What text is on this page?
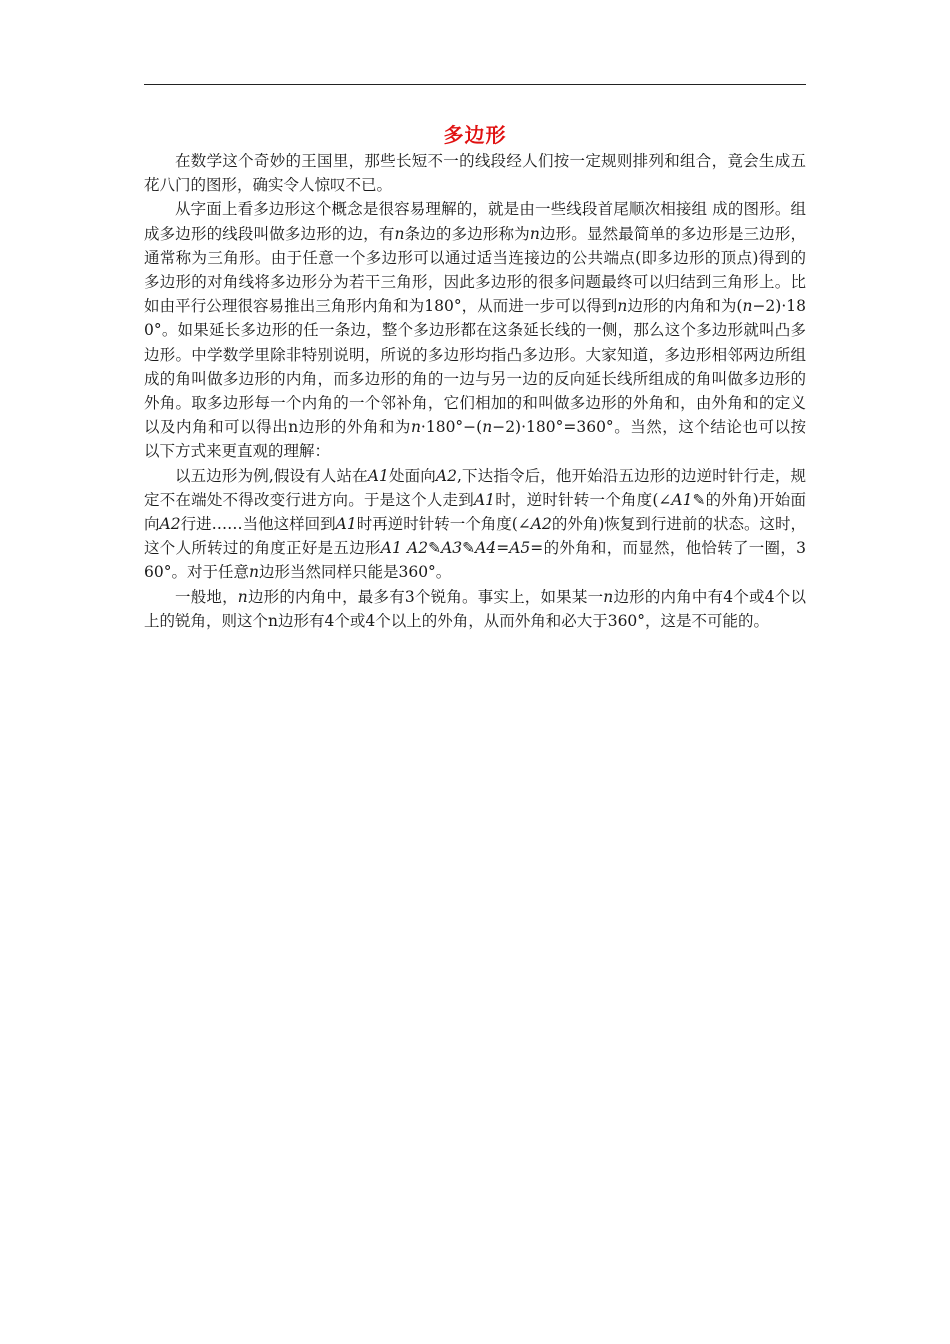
多边形

在数学这个奇妙的王国里，那些长短不一的线段经人们按一定规则排列和组合，竟会生成五花八门的图形，确实令人惊叹不已。

从字面上看多边形这个概念是很容易理解的，就是由一些线段首尾顺次相接组 成的图形。组成多边形的线段叫做多边形的边，有n条边的多边形称为n边形。显然最简单的多边形是三边形，通常称为三角形。由于任意一个多边形可以通过适当连接边的公共端点(即多边形的顶点)得到的多边形的对角线将多边形分为若干三角形，因此多边形的很多问题最终可以归结到三角形上。比如由平行公理很容易推出三角形内角和为180°，从而进一步可以得到n边形的内角和为(n−2)·180°。如果延长多边形的任一条边，整个多边形都在这条延长线的一侧，那么这个多边形就叫凸多边形。中学数学里除非特别说明，所说的多边形均指凸多边形。大家知道，多边形相邻两边所组成的角叫做多边形的内角，而多边形的角的一边与另一边的反向延长线所组成的角叫做多边形的外角。取多边形每一个内角的一个邻补角，它们相加的和叫做多边形的外角和，由外角和的定义以及内角和可以得出n边形的外角和为n·180°−(n−2)·180°=360°。当然，这个结论也可以按以下方式来更直观的理解：

以五边形为例,假设有人站在A1处面向A2,下达指令后，他开始沿五边形的边逆时针行走，规定不在端处不得改变行进方向。于是这个人走到A1时，逆时针转一个角度(∠A1✎的外角)开始面向A2行进……当他这样回到A1时再逆时针转一个角度(∠A2的外角)恢复到行进前的状态。这时，这个人所转过的角度正好是五边形A1 A2✎A3✎A4=A5=的外角和，而显然，他恰转了一圈，360°。对于任意n边形当然同样只能是360°。

一般地，n边形的内角中，最多有3个锐角。事实上，如果某一n边形的内角中有4个或4个以上的锐角，则这个n边形有4个或4个以上的外角，从而外角和必大于360°，这是不可能的。
